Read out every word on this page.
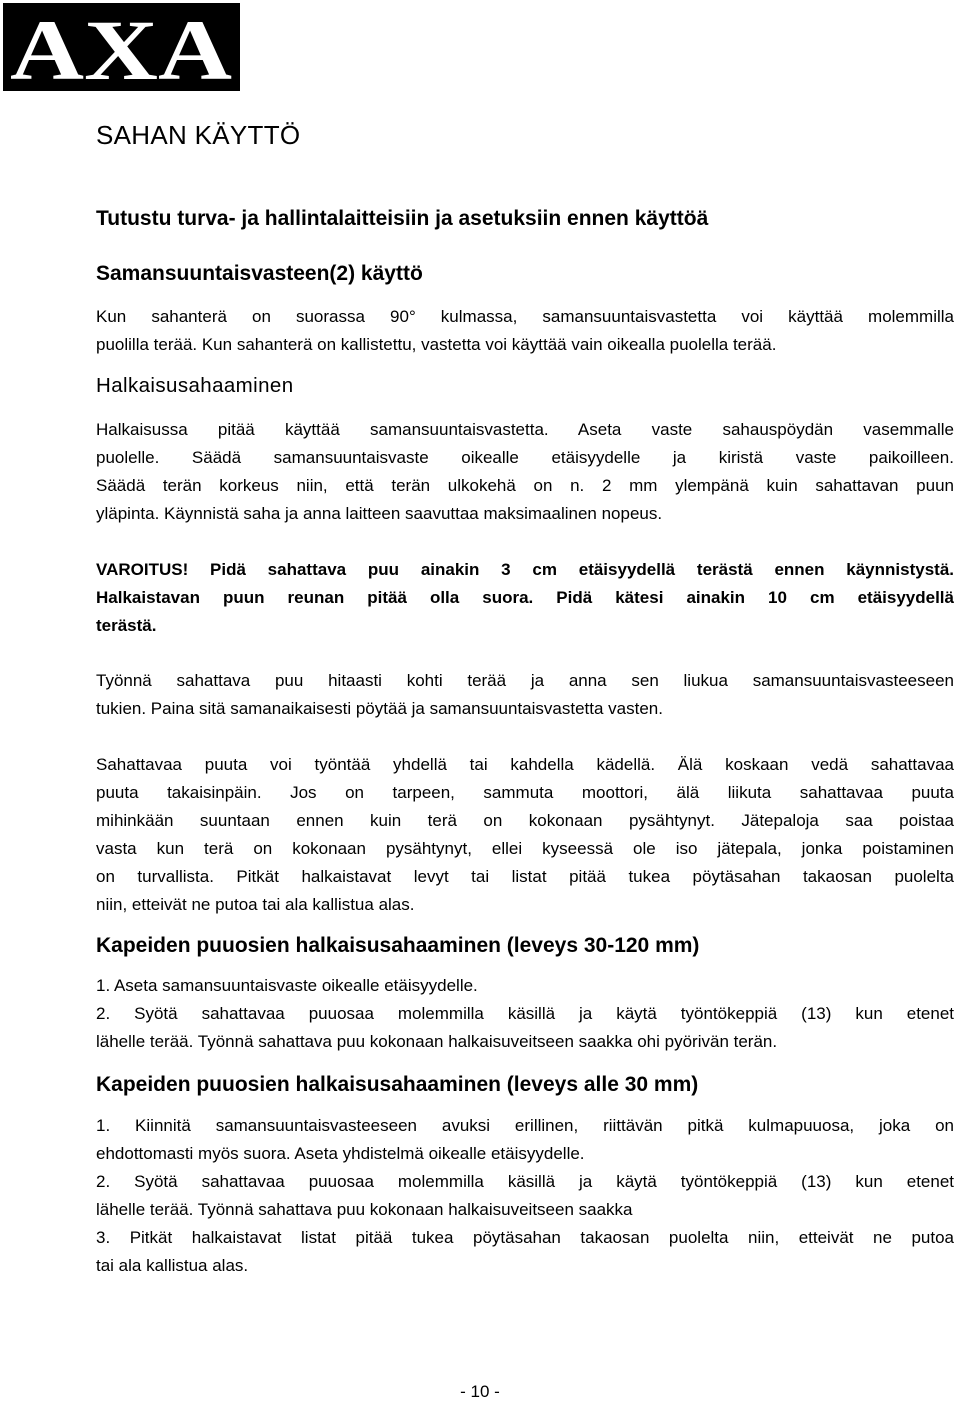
AXA
SAHAN KÄYTTÖ
Tutustu turva- ja hallintalaitteisiin ja asetuksiin ennen käyttöä
Samansuuntaisvasteen(2) käyttö
Kun sahanterä on suorassa 90° kulmassa, samansuuntaisvastetta voi käyttää molemmilla
puolilla terää. Kun sahanterä on kallistettu, vastetta voi käyttää vain oikealla puolella terää.
Halkaisusahaaminen
Halkaisussa pitää käyttää samansuuntaisvastetta. Aseta vaste sahauspöydän vasemmalle
puolelle. Säädä samansuuntaisvaste oikealle etäisyydelle ja kiristä vaste paikoilleen.
Säädä terän korkeus niin, että terän ulkokehä on n. 2 mm ylempänä kuin sahattavan puun
yläpinta. Käynnistä saha ja anna laitteen saavuttaa maksimaalinen nopeus.
VAROITUS! Pidä sahattava puu ainakin 3 cm etäisyydellä terästä ennen käynnistystä.
Halkaistavan puun reunan pitää olla suora. Pidä kätesi ainakin 10 cm etäisyydellä
terästä.
Työnnä sahattava puu hitaasti kohti terää ja anna sen liukua samansuuntaisvasteeseen
tukien. Paina sitä samanaikaisesti pöytää ja samansuuntaisvastetta vasten.
Sahattavaa puuta voi työntää yhdellä tai kahdella kädellä. Älä koskaan vedä sahattavaa
puuta takaisinpäin. Jos on tarpeen, sammuta moottori, älä liikuta sahattavaa puuta
mihinkään suuntaan ennen kuin terä on kokonaan pysähtynyt. Jätepaloja saa poistaa
vasta kun terä on kokonaan pysähtynyt, ellei kyseessä ole iso jätepala, jonka poistaminen
on turvallista. Pitkät halkaistavat levyt tai listat pitää tukea pöytäsahan takaosan puolelta
niin, etteivät ne putoa tai ala kallistua alas.
Kapeiden puuosien halkaisusahaaminen (leveys 30-120 mm)
1. Aseta samansuuntaisvaste oikealle etäisyydelle.
2. Syötä sahattavaa puuosaa molemmilla käsillä ja käytä työntökeppiä (13) kun etenet
lähelle terää. Työnnä sahattava puu kokonaan halkaisuveitseen saakka ohi pyörivän terän.
Kapeiden puuosien halkaisusahaaminen (leveys alle 30 mm)
1. Kiinnitä samansuuntaisvasteeseen avuksi erillinen, riittävän pitkä kulmapuuosa, joka on
ehdottomasti myös suora. Aseta yhdistelmä oikealle etäisyydelle.
2. Syötä sahattavaa puuosaa molemmilla käsillä ja käytä työntökeppiä (13) kun etenet
lähelle terää. Työnnä sahattava puu kokonaan halkaisuveitseen saakka
3. Pitkät halkaistavat listat pitää tukea pöytäsahan takaosan puolelta niin, etteivät ne putoa
tai ala kallistua alas.
- 10 -
